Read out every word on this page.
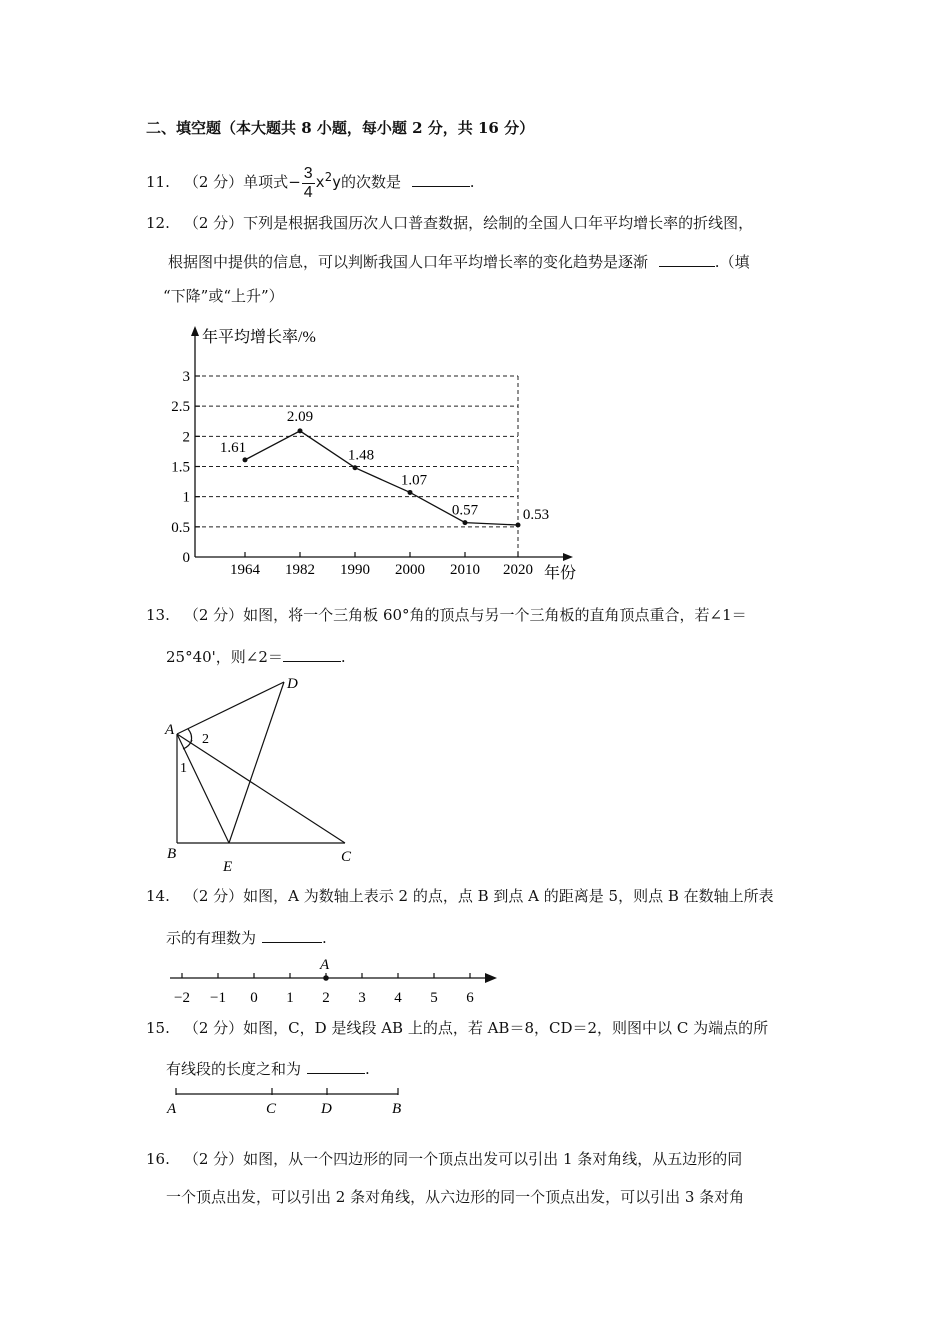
二、填空题（本大题共 8 小题，每小题 2 分，共 16 分）
11. （2 分）单项式− $\frac{3}{4} x^2y$的次数是	.
12. （2 分）下列是根据我国历次人口普查数据，绘制的全国人口年平均增长率的折线图，
根据图中提供的信息，可以判断我国人口年平均增长率的变化趋势是逐渐	.（填
“下降”或“上升”）
0
0.5
1
1.5
2
2.5
3
1964 1982 1990 2000 2010 2020
1.61
2.09
1.48
1.07
0.57	0.53
年平均增长率/%
年份
13. （2 分）如图，将一个三角板 60°角的顶点与另一个三角板的直角顶点重合，若∠1＝
25°40'，则∠2＝	.
A
B	C
D
E
1
2
14. （2 分）如图，A 为数轴上表示 2 的点，点 B 到点 A 的距离是 5，则点 B 在数轴上所表
示的有理数为	.
−2 −1 0 1 2 3 4 5 6
A
15. （2 分）如图，C，D 是线段 AB 上的点，若 AB＝8，CD＝2，则图中以 C 为端点的所
有线段的长度之和为	.
A	C	D	B
16. （2 分）如图，从一个四边形的同一个顶点出发可以引出 1 条对角线，从五边形的同
一个顶点出发，可以引出 2 条对角线，从六边形的同一个顶点出发，可以引出 3 条对角
